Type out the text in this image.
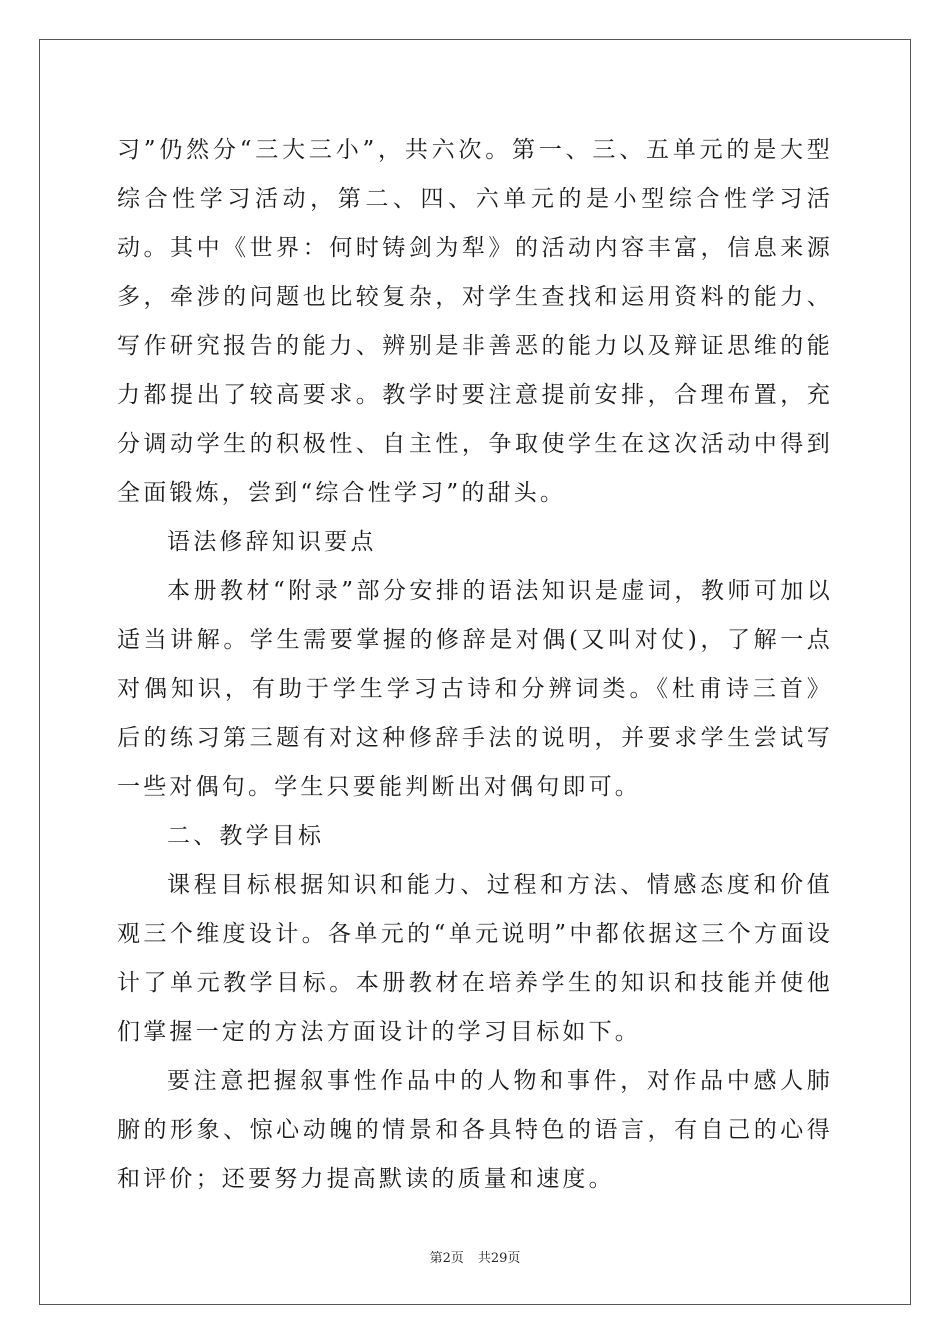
习”仍然分“三大三小”，共六次。第一、三、五单元的是大型综合性学习活动，第二、四、六单元的是小型综合性学习活动。其中《世界：何时铸剑为犁》的活动内容丰富，信息来源多，牵涉的问题也比较复杂，对学生查找和运用资料的能力、写作研究报告的能力、辨别是非善恶的能力以及辩证思维的能力都提出了较高要求。教学时要注意提前安排，合理布置，充分调动学生的积极性、自主性，争取使学生在这次活动中得到全面锻炼，尝到“综合性学习”的甜头。

语法修辞知识要点

本册教材“附录”部分安排的语法知识是虚词，教师可加以适当讲解。学生需要掌握的修辞是对偶(又叫对仗)，了解一点对偶知识，有助于学生学习古诗和分辨词类。《杜甫诗三首》后的练习第三题有对这种修辞手法的说明，并要求学生尝试写一些对偶句。学生只要能判断出对偶句即可。

二、教学目标

课程目标根据知识和能力、过程和方法、情感态度和价值观三个维度设计。各单元的“单元说明”中都依据这三个方面设计了单元教学目标。本册教材在培养学生的知识和技能并使他们掌握一定的方法方面设计的学习目标如下。

要注意把握叙事性作品中的人物和事件，对作品中感人肺腑的形象、惊心动魄的情景和各具特色的语言，有自己的心得和评价；还要努力提高默读的质量和速度。

第2页 共29页
